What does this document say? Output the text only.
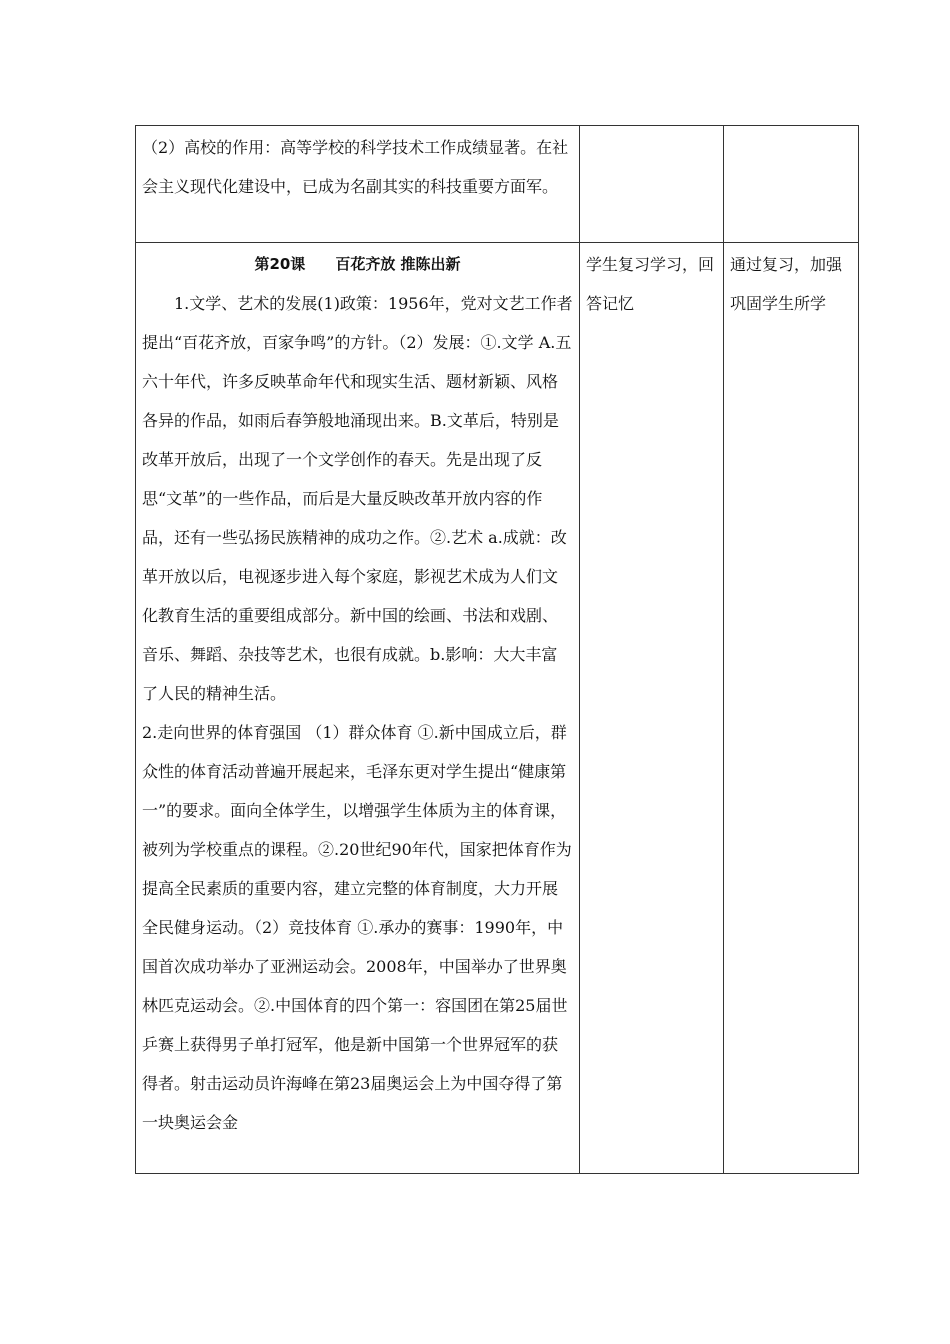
（2）高校的作用：高等学校的科学技术工作成绩显著。在社会主义现代化建设中，已成为名副其实的科技重要方面军。		

第20课 百花齐放 推陈出新

1.文学、艺术的发展(1)政策：1956年，党对文艺工作者提出“百花齐放，百家争鸣”的方针。（2）发展：①.文学 A.五六十年代，许多反映革命年代和现实生活、题材新颖、风格各异的作品，如雨后春笋般地涌现出来。B.文革后，特别是改革开放后，出现了一个文学创作的春天。先是出现了反思“文革”的一些作品，而后是大量反映改革开放内容的作品，还有一些弘扬民族精神的成功之作。②.艺术 a.成就：改革开放以后，电视逐步进入每个家庭，影视艺术成为人们文化教育生活的重要组成部分。新中国的绘画、书法和戏剧、音乐、舞蹈、杂技等艺术，也很有成就。b.影响：大大丰富了人民的精神生活。

2.走向世界的体育强国 （1）群众体育 ①.新中国成立后，群众性的体育活动普遍开展起来，毛泽东更对学生提出“健康第一”的要求。面向全体学生，以增强学生体质为主的体育课，被列为学校重点的课程。②.20世纪90年代，国家把体育作为提高全民素质的重要内容，建立完整的体育制度，大力开展全民健身运动。（2）竞技体育 ①.承办的赛事：1990年，中国首次成功举办了亚洲运动会。2008年，中国举办了世界奥林匹克运动会。②.中国体育的四个第一：容国团在第25届世乒赛上获得男子单打冠军，他是新中国第一个世界冠军的获得者。射击运动员许海峰在第23届奥运会上为中国夺得了第一块奥运会金	学生复习学习，回答记忆	通过复习，加强巩固学生所学
